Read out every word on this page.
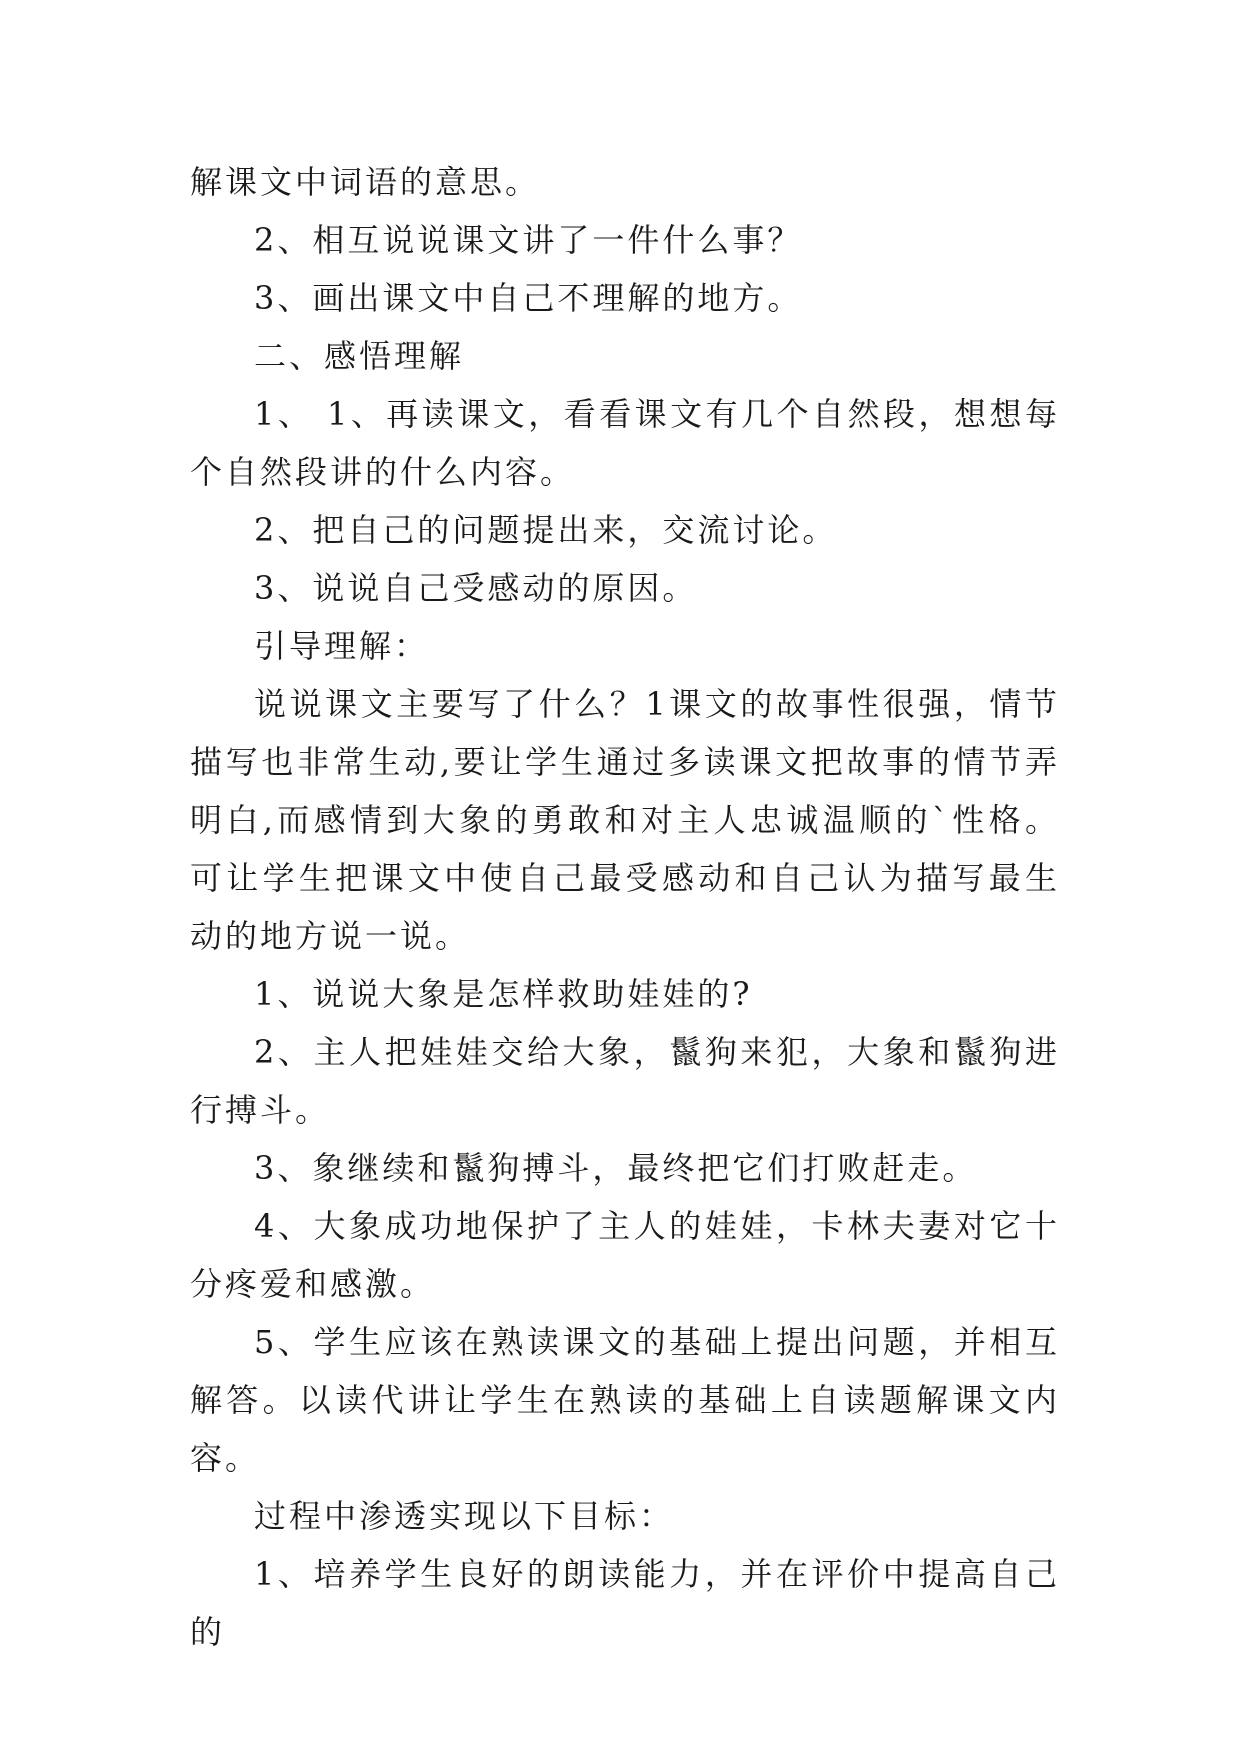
解课文中词语的意思。

2、相互说说课文讲了一件什么事？

3、画出课文中自己不理解的地方。

二、感悟理解

1、 1、再读课文，看看课文有几个自然段，想想每个自然段讲的什么内容。

2、把自己的问题提出来，交流讨论。

3、说说自己受感动的原因。

引导理解：

说说课文主要写了什么？1课文的故事性很强，情节描写也非常生动,要让学生通过多读课文把故事的情节弄明白,而感情到大象的勇敢和对主人忠诚温顺的`性格。可让学生把课文中使自己最受感动和自己认为描写最生动的地方说一说。

1、说说大象是怎样救助娃娃的?

2、主人把娃娃交给大象，鬣狗来犯，大象和鬣狗进行搏斗。

3、象继续和鬣狗搏斗，最终把它们打败赶走。

4、大象成功地保护了主人的娃娃，卡林夫妻对它十分疼爱和感激。

5、学生应该在熟读课文的基础上提出问题，并相互解答。以读代讲让学生在熟读的基础上自读题解课文内容。

过程中渗透实现以下目标：

1、培养学生良好的朗读能力，并在评价中提高自己的
